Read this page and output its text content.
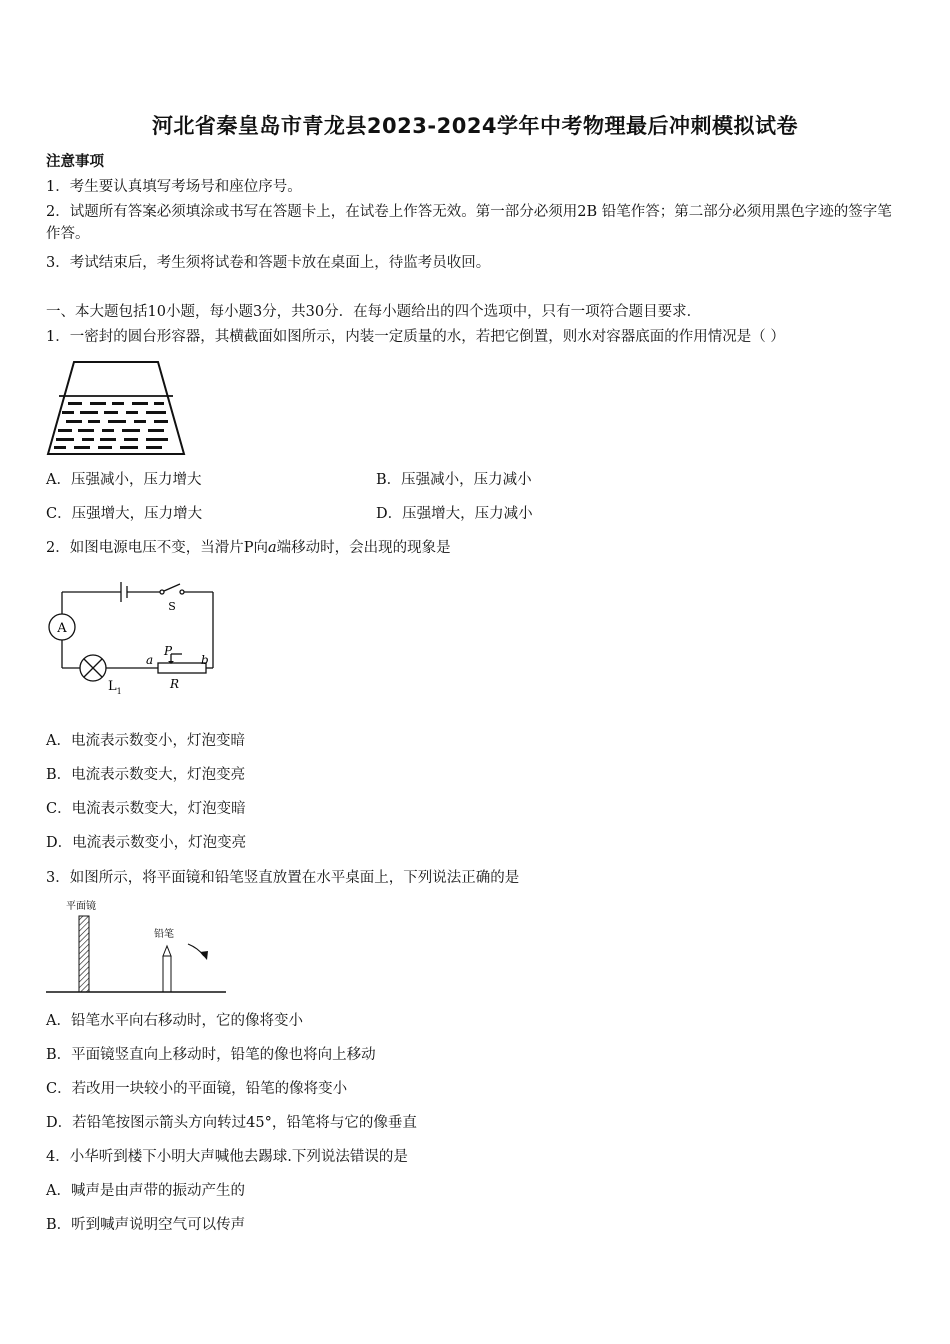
河北省秦皇岛市青龙县2023-2024学年中考物理最后冲刺模拟试卷
注意事项
1．考生要认真填写考场号和座位序号。
2．试题所有答案必须填涂或书写在答题卡上，在试卷上作答无效。第一部分必须用2B 铅笔作答；第二部分必须用黑色字迹的签字笔作答。
3．考试结束后，考生须将试卷和答题卡放在桌面上，待监考员收回。
一、本大题包括10小题，每小题3分，共30分．在每小题给出的四个选项中，只有一项符合题目要求．
1．一密封的圆台形容器，其横截面如图所示，内装一定质量的水，若把它倒置，则水对容器底面的作用情况是（ ）
A．压强减小，压力增大	B．压强减小，压力减小
C．压强增大，压力增大	D．压强增大，压力减小
2．如图电源电压不变，当滑片P向a端移动时，会出现的现象是
A
S
$L_1$
a	b
P
R
A．电流表示数变小，灯泡变暗
B．电流表示数变大，灯泡变亮
C．电流表示数变大，灯泡变暗
D．电流表示数变小，灯泡变亮
3．如图所示，将平面镜和铅笔竖直放置在水平桌面上，下列说法正确的是
平面镜
铅笔
A．铅笔水平向右移动时，它的像将变小
B．平面镜竖直向上移动时，铅笔的像也将向上移动
C．若改用一块较小的平面镜，铅笔的像将变小
D．若铅笔按图示箭头方向转过45°，铅笔将与它的像垂直
4．小华听到楼下小明大声喊他去踢球.下列说法错误的是
A．喊声是由声带的振动产生的
B．听到喊声说明空气可以传声
